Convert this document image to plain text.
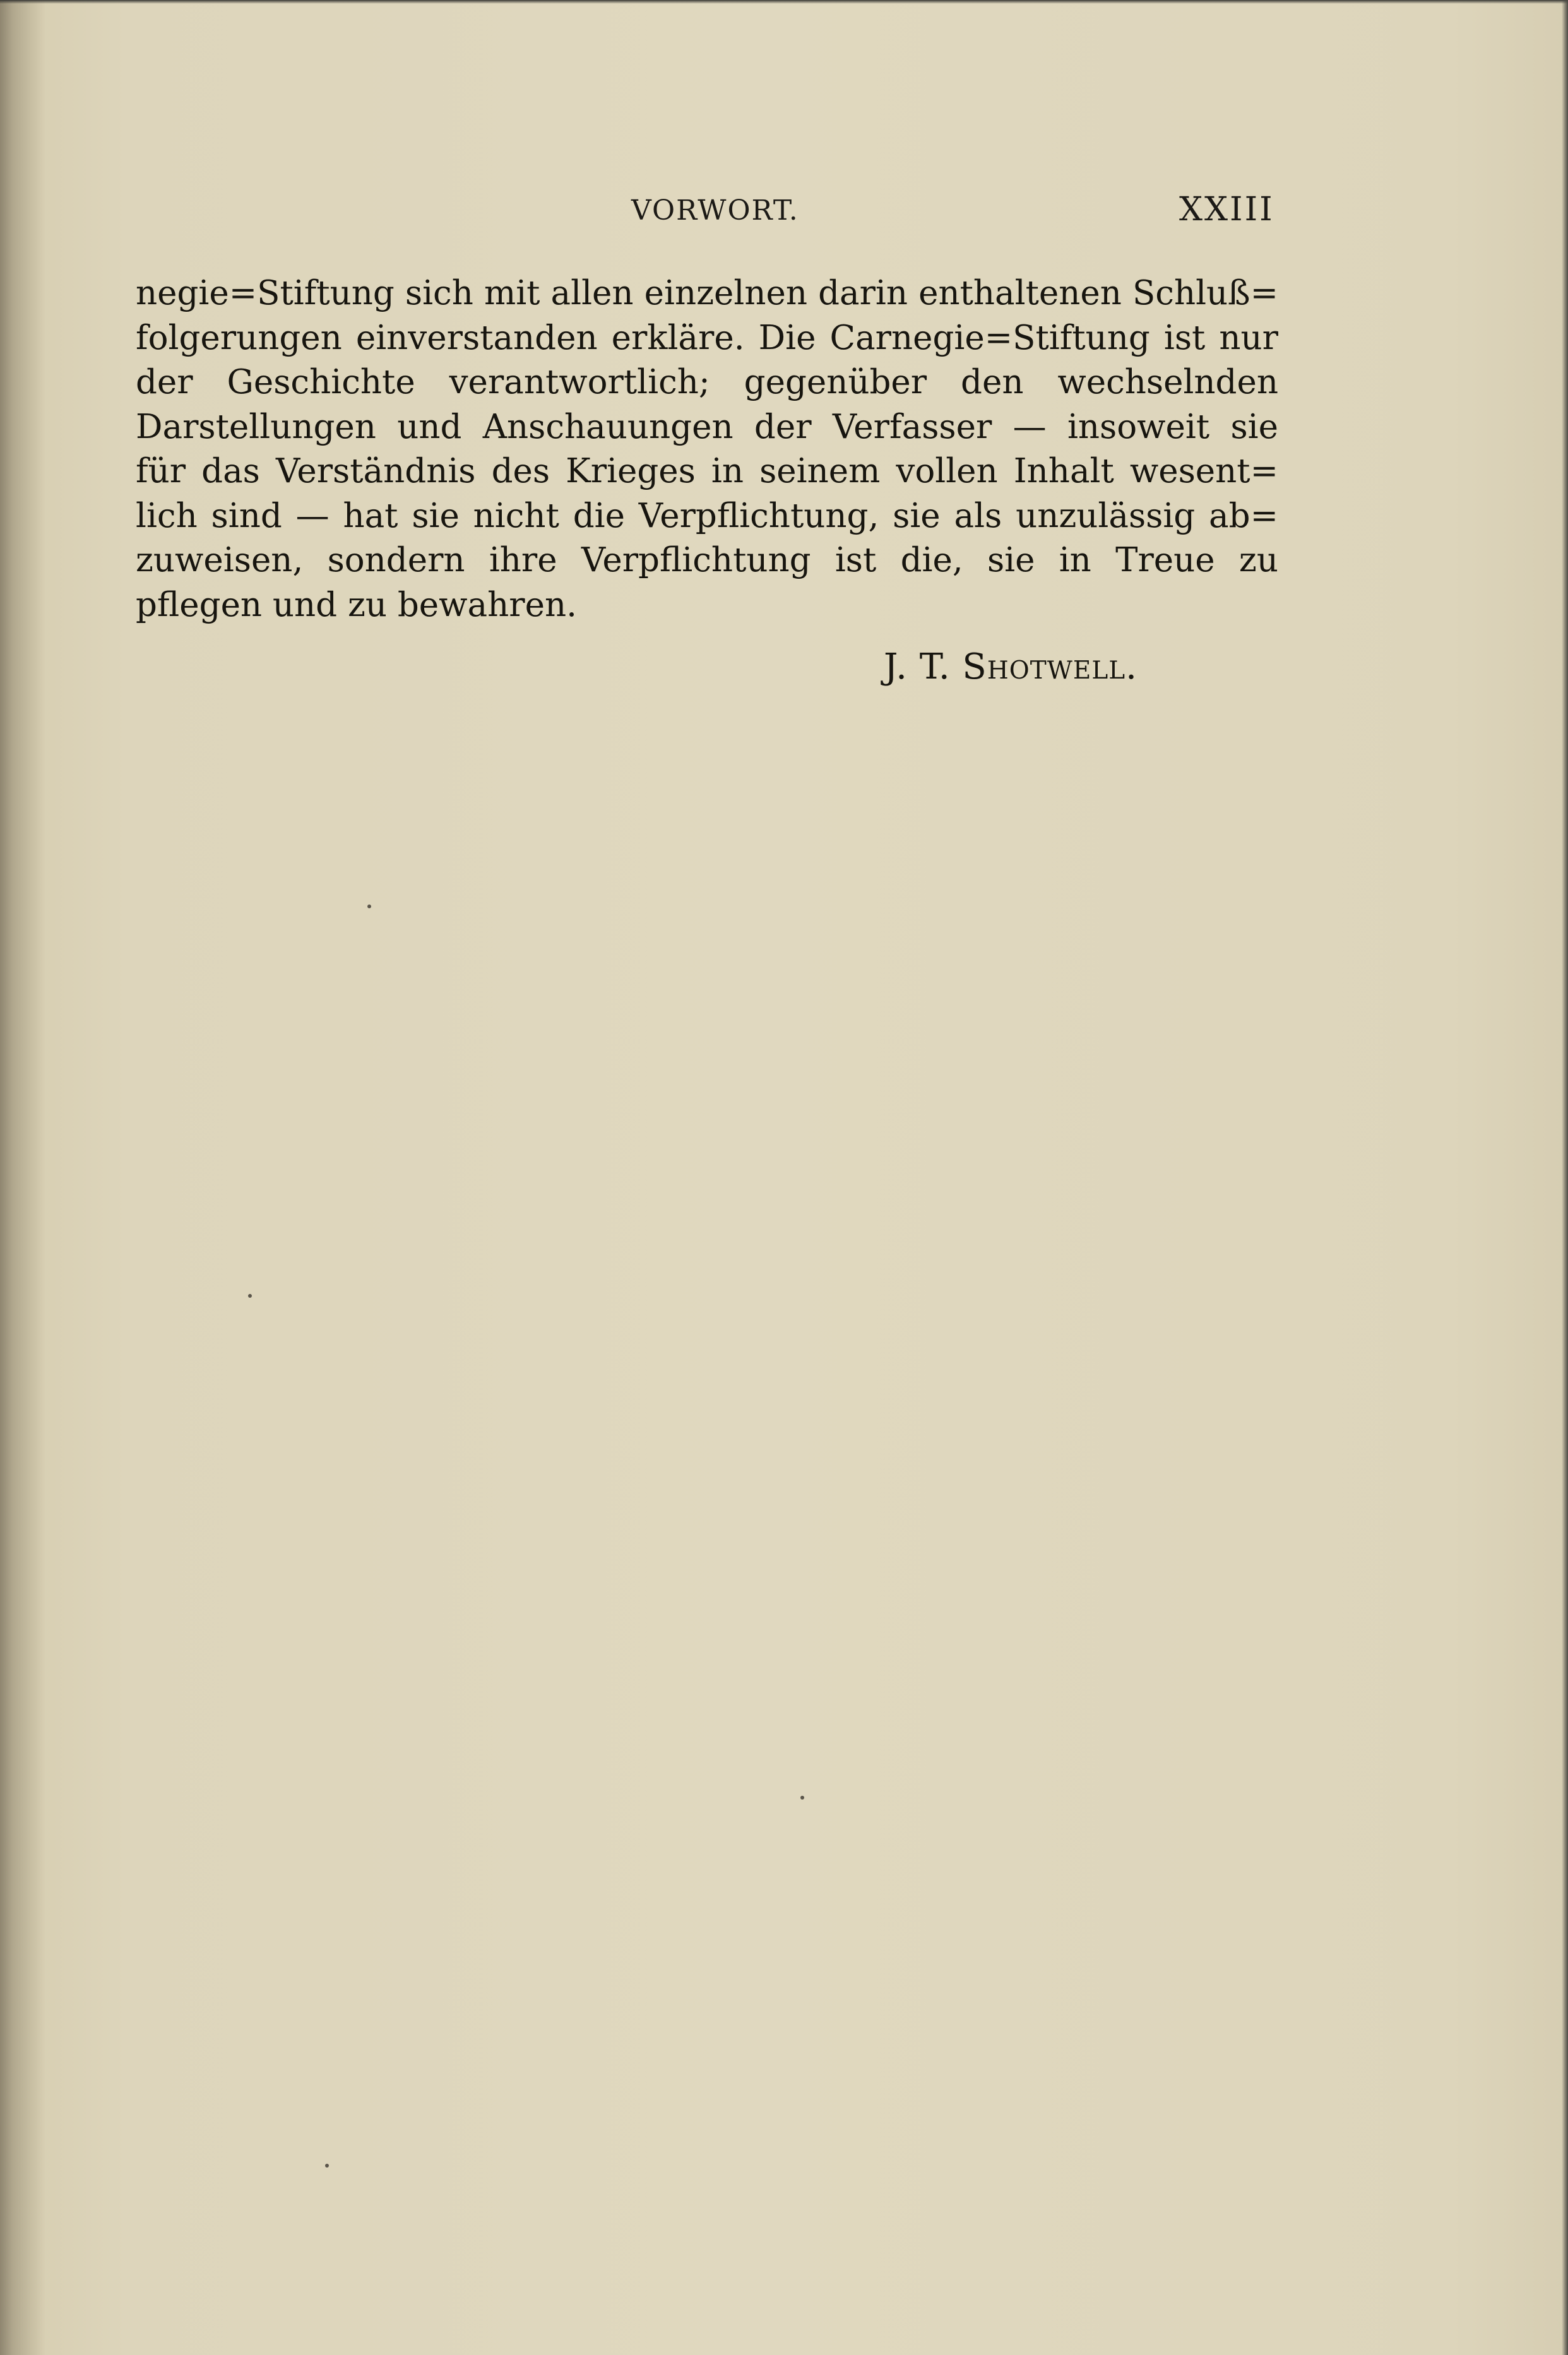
VORWORT.	XXIII
negie=Stiftung sich mit allen einzelnen darin enthaltenen Schluß=
folgerungen einverstanden erkläre. Die Carnegie=Stiftung ist nur
der Geschichte verantwortlich; gegenüber den wechselnden
Darstellungen und Anschauungen der Verfasser — insoweit sie
für das Verständnis des Krieges in seinem vollen Inhalt wesent=
lich sind — hat sie nicht die Verpflichtung, sie als unzulässig ab=
zuweisen, sondern ihre Verpflichtung ist die, sie in Treue zu
pflegen und zu bewahren.
J. T. Shotwell.
